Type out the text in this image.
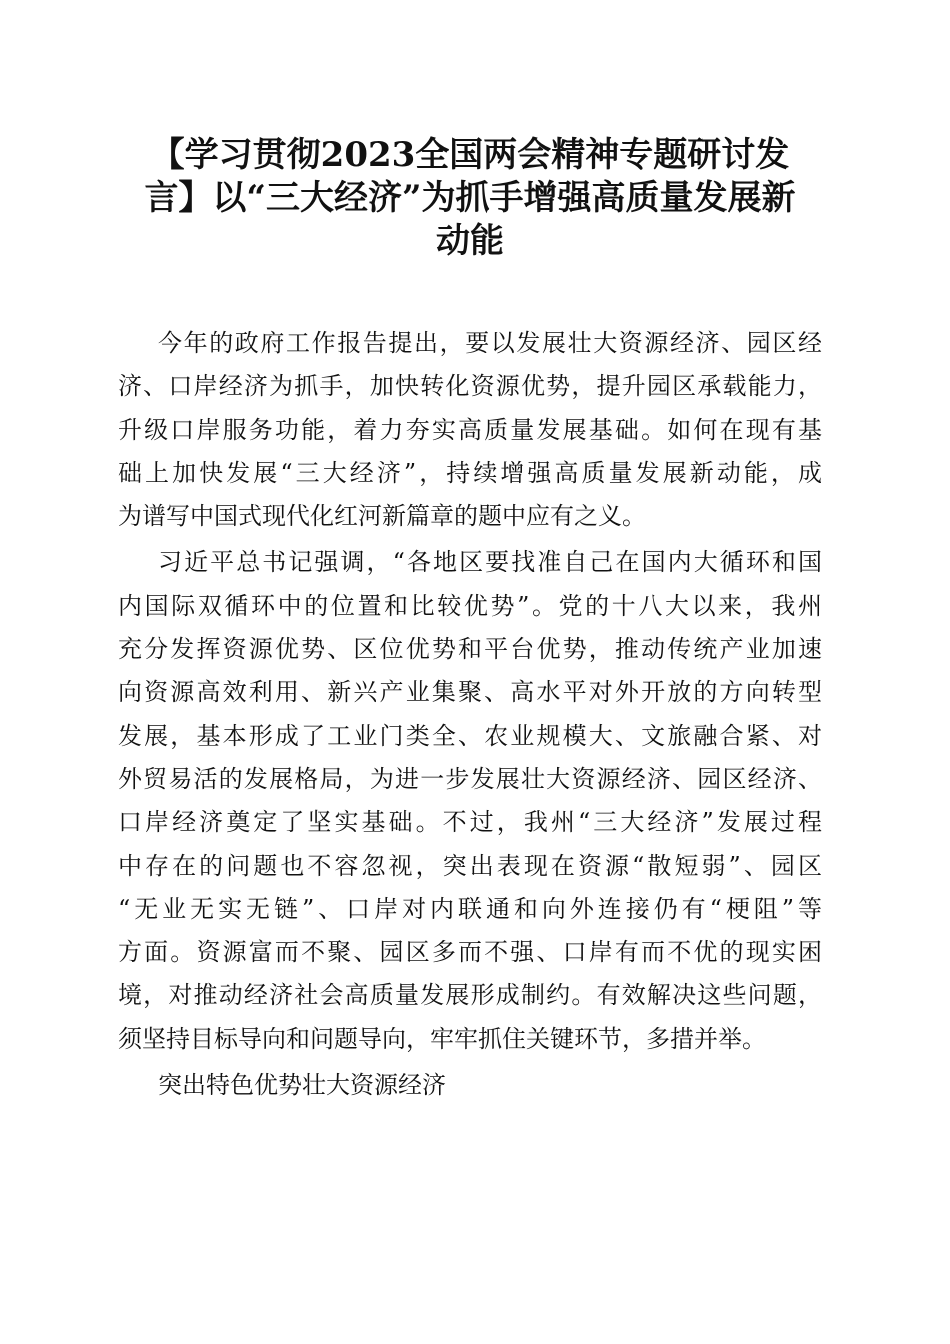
【学习贯彻2023全国两会精神专题研讨发
言】以“三大经济”为抓手增强高质量发展新
动能
今年的政府工作报告提出，要以发展壮大资源经济、园区经
济、口岸经济为抓手，加快转化资源优势，提升园区承载能力，
升级口岸服务功能，着力夯实高质量发展基础。如何在现有基
础上加快发展“三大经济”，持续增强高质量发展新动能，成
为谱写中国式现代化红河新篇章的题中应有之义。
习近平总书记强调，“各地区要找准自己在国内大循环和国
内国际双循环中的位置和比较优势”。党的十八大以来，我州
充分发挥资源优势、区位优势和平台优势，推动传统产业加速
向资源高效利用、新兴产业集聚、高水平对外开放的方向转型
发展，基本形成了工业门类全、农业规模大、文旅融合紧、对
外贸易活的发展格局，为进一步发展壮大资源经济、园区经济、
口岸经济奠定了坚实基础。不过，我州“三大经济”发展过程
中存在的问题也不容忽视，突出表现在资源“散短弱”、园区
“无业无实无链”、口岸对内联通和向外连接仍有“梗阻”等
方面。资源富而不聚、园区多而不强、口岸有而不优的现实困
境，对推动经济社会高质量发展形成制约。有效解决这些问题，
须坚持目标导向和问题导向，牢牢抓住关键环节，多措并举。
突出特色优势壮大资源经济
